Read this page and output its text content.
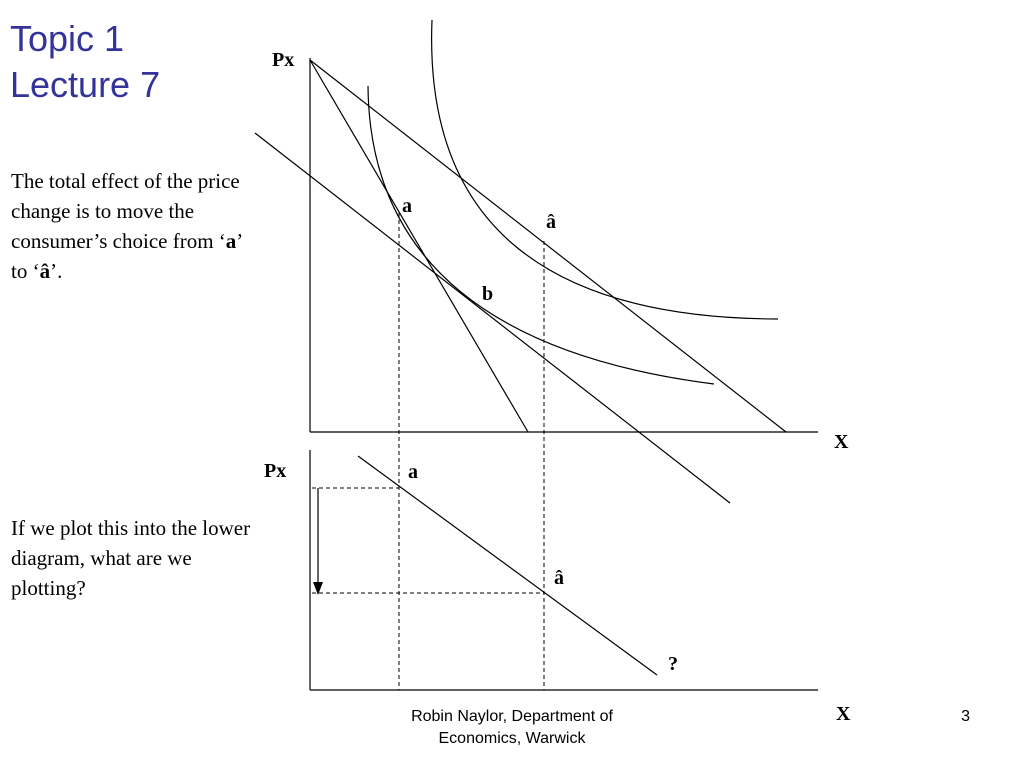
Topic 1
Lecture 7

The total effect of the price change is to move the consumer’s choice from ‘a’ to ‘â’.

If we plot this into the lower diagram, what are we plotting?

Px
X
a
â
b
Px
X
a
â
?
Robin Naylor, Department of Economics, Warwick
3
